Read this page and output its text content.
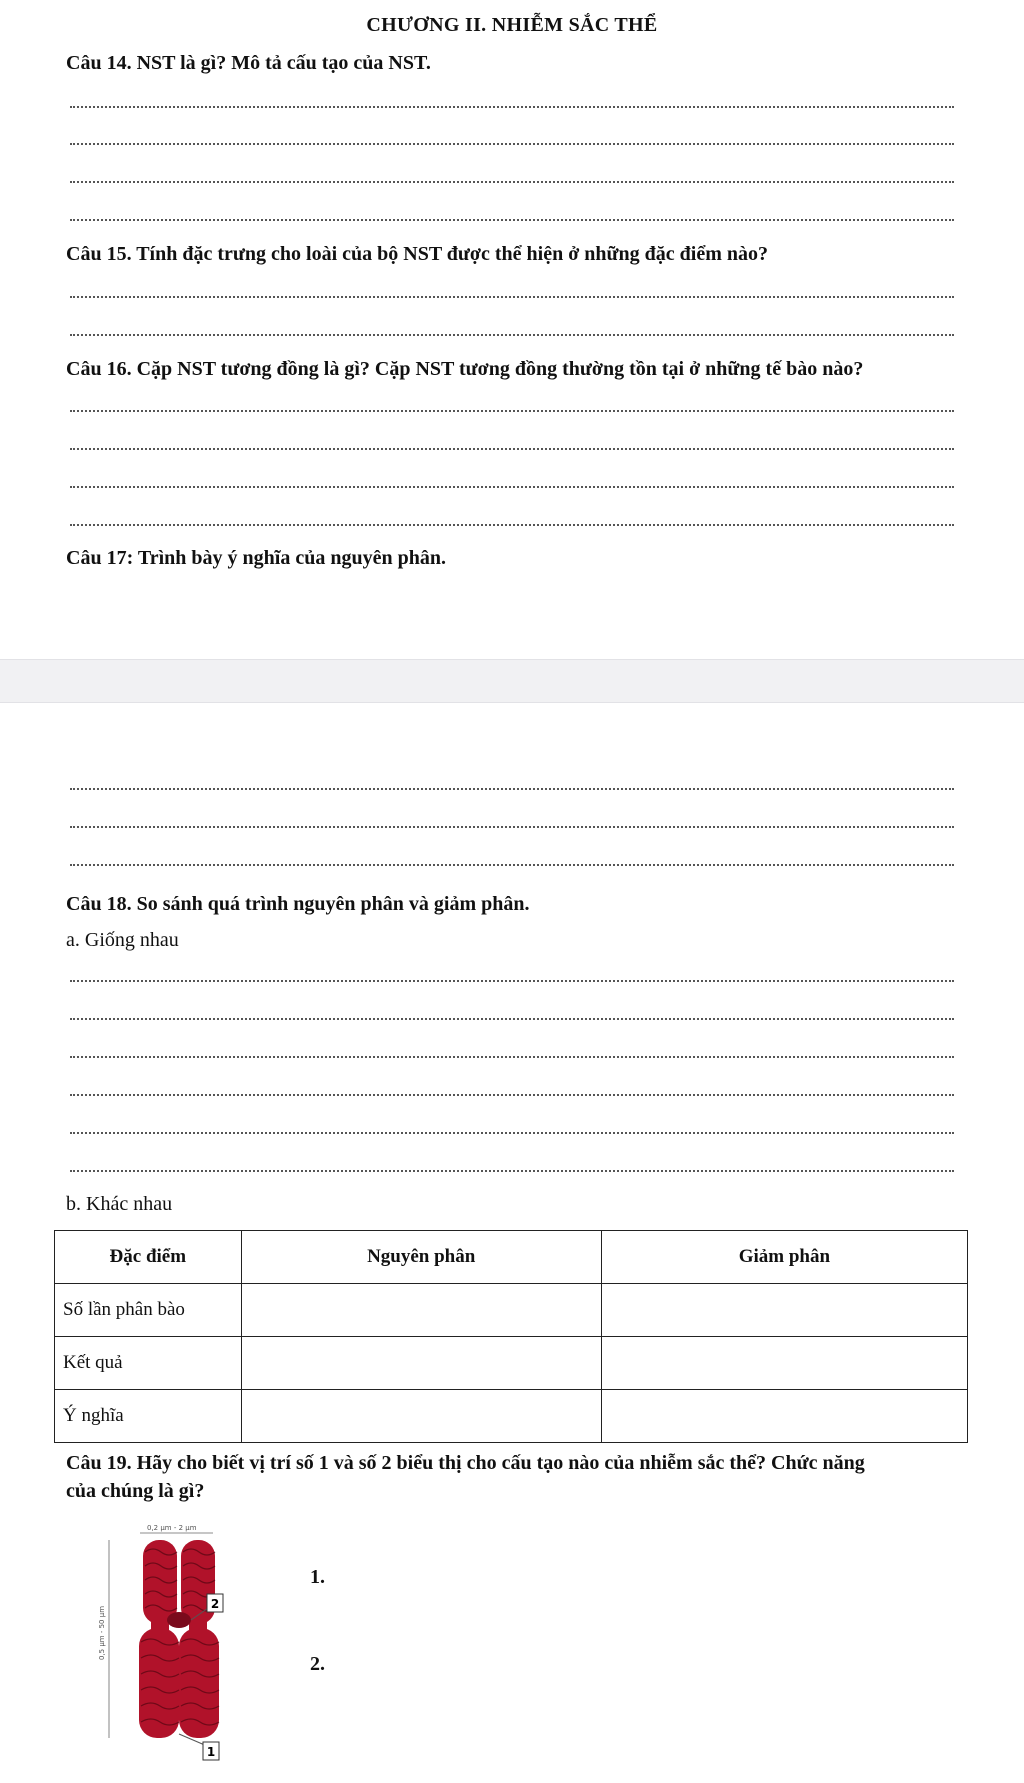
CHƯƠNG II. NHIỄM SẮC THỂ
Câu 14. NST là gì? Mô tả cấu tạo của NST.
Câu 15. Tính đặc trưng cho loài của bộ NST được thể hiện ở những đặc điểm nào?
Câu 16. Cặp NST tương đồng là gì? Cặp NST tương đồng thường tồn tại ở những tế bào nào?
Câu 17: Trình bày ý nghĩa của nguyên phân.
Câu 18. So sánh quá trình nguyên phân và giảm phân.
a. Giống nhau
b. Khác nhau
Đặc điểm	Nguyên phân	Giảm phân
Số lần phân bào		
Kết quả		
Ý nghĩa		
Câu 19. Hãy cho biết vị trí số 1 và số 2 biểu thị cho cấu tạo nào của nhiễm sắc thể? Chức năng
của chúng là gì?
0,2 µm - 2 µm
0,5 µm - 50 µm
2
1
1.
2.
